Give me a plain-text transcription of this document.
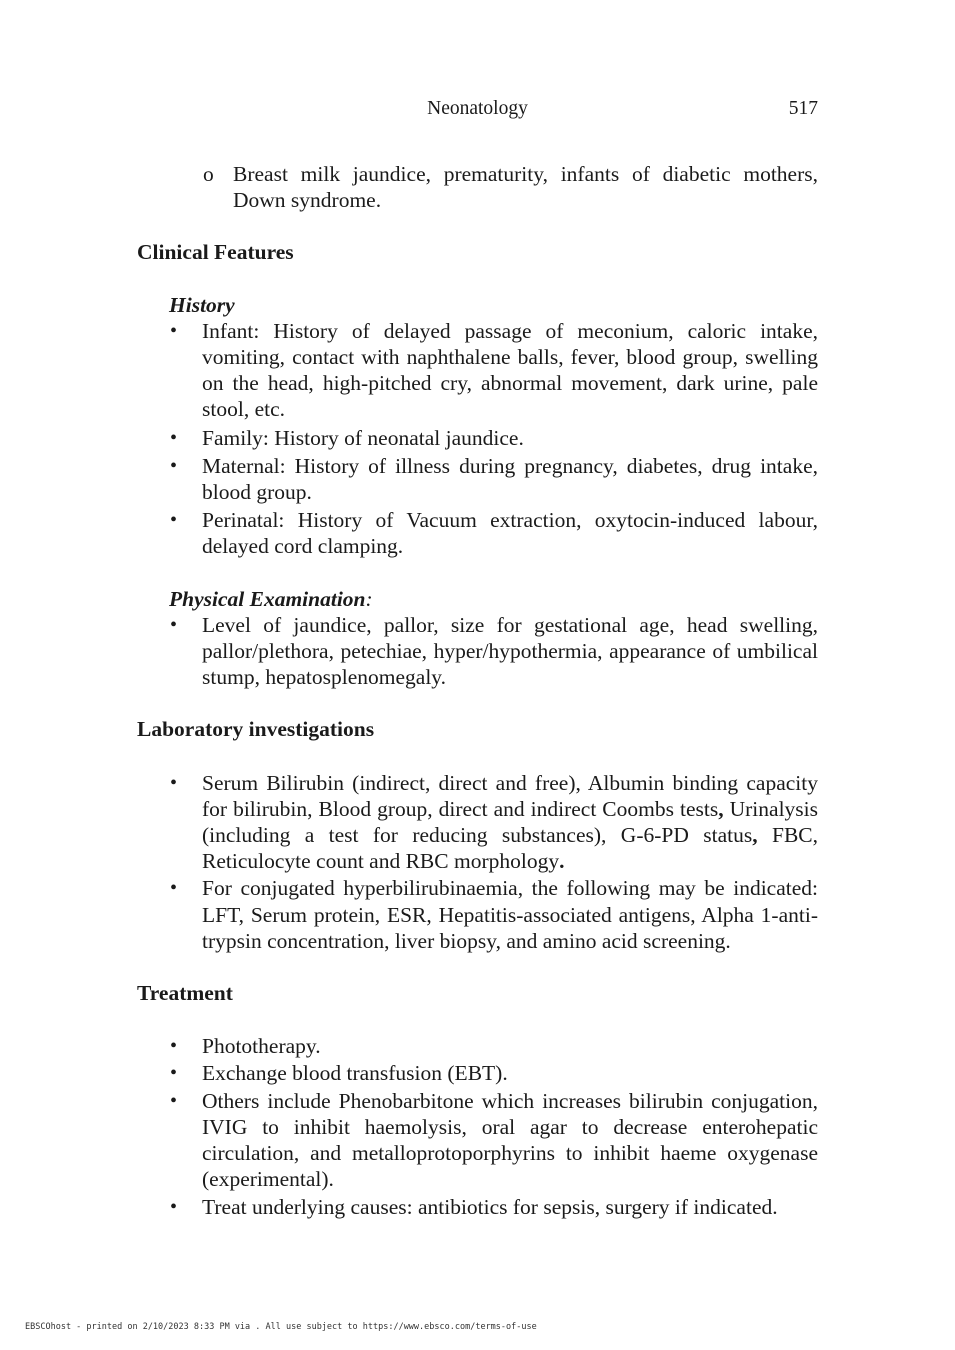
Neonatology	517
o Breast milk jaundice, prematurity, infants of diabetic mothers, Down syndrome.
Clinical Features
History
• Infant: History of delayed passage of meconium, caloric intake, vomiting, contact with naphthalene balls, fever, blood group, swelling on the head, high-pitched cry, abnormal movement, dark urine, pale stool, etc.
• Family: History of neonatal jaundice.
• Maternal: History of illness during pregnancy, diabetes, drug intake, blood group.
• Perinatal: History of Vacuum extraction, oxytocin-induced labour, delayed cord clamping.
Physical Examination:
• Level of jaundice, pallor, size for gestational age, head swelling, pallor/plethora, petechiae, hyper/hypothermia, appearance of umbilical stump, hepatosplenomegaly.
Laboratory investigations
• Serum Bilirubin (indirect, direct and free), Albumin binding capacity for bilirubin, Blood group, direct and indirect Coombs tests, Urinalysis (including a test for reducing substances), G-6-PD status, FBC, Reticulocyte count and RBC morphology.
• For conjugated hyperbilirubinaemia, the following may be indicated: LFT, Serum protein, ESR, Hepatitis-associated antigens, Alpha 1-anti-trypsin concentration, liver biopsy, and amino acid screening.
Treatment
• Phototherapy.
• Exchange blood transfusion (EBT).
• Others include Phenobarbitone which increases bilirubin conjugation, IVIG to inhibit haemolysis, oral agar to decrease enterohepatic circulation, and metalloprotoporphyrins to inhibit haeme oxygenase (experimental).
• Treat underlying causes: antibiotics for sepsis, surgery if indicated.
EBSCOhost - printed on 2/10/2023 8:33 PM via . All use subject to https://www.ebsco.com/terms-of-use
